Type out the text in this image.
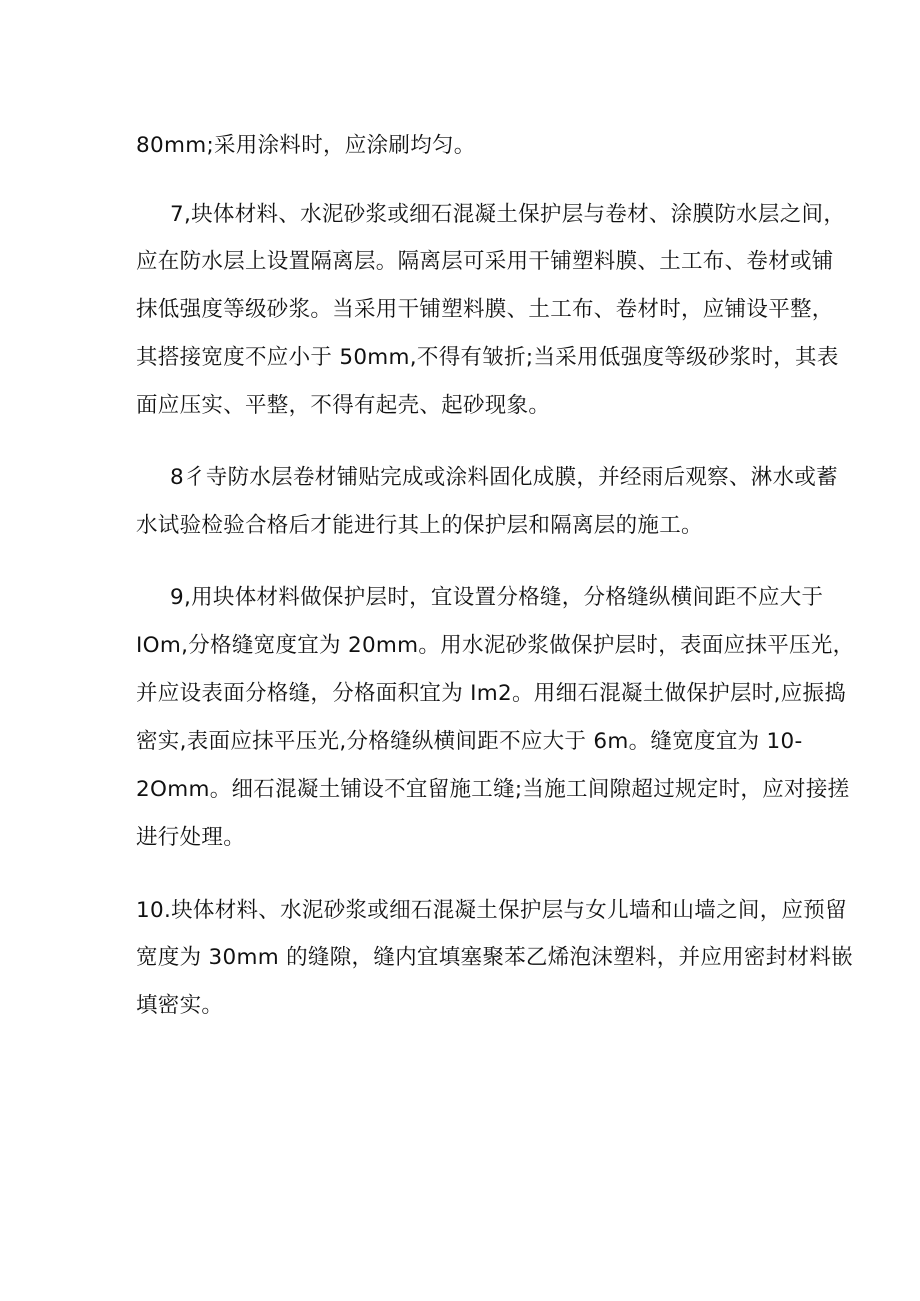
80mm;采用涂料时，应涂刷均匀。
7,块体材料、水泥砂浆或细石混凝土保护层与卷材、涂膜防水层之间，
应在防水层上设置隔离层。隔离层可采用干铺塑料膜、土工布、卷材或铺
抹低强度等级砂浆。当采用干铺塑料膜、土工布、卷材时，应铺设平整，
其搭接宽度不应小于 50mm,不得有皱折;当采用低强度等级砂浆时，其表
面应压实、平整，不得有起壳、起砂现象。
8彳寺防水层卷材铺贴完成或涂料固化成膜，并经雨后观察、淋水或蓄
水试验检验合格后才能进行其上的保护层和隔离层的施工。
9,用块体材料做保护层时，宜设置分格缝，分格缝纵横间距不应大于
IOm,分格缝宽度宜为 20mm。用水泥砂浆做保护层时，表面应抹平压光，
并应设表面分格缝，分格面积宜为 Im2。用细石混凝土做保护层时,应振捣
密实,表面应抹平压光,分格缝纵横间距不应大于 6m。缝宽度宜为 10-
2Omm。细石混凝土铺设不宜留施工缝;当施工间隙超过规定时，应对接搓
进行处理。
10.块体材料、水泥砂浆或细石混凝土保护层与女儿墙和山墙之间，应预留
宽度为 30mm 的缝隙，缝内宜填塞聚苯乙烯泡沫塑料，并应用密封材料嵌
填密实。
